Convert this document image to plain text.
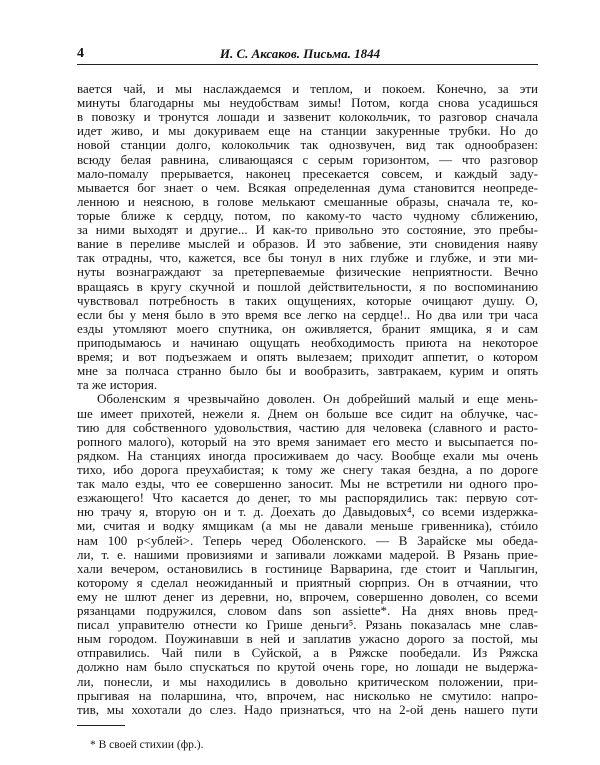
4	И. С. Аксаков. Письма. 1844
вается чай, и мы наслаждаемся и теплом, и покоем. Конечно, за эти
минуты благодарны мы неудобствам зимы! Потом, когда снова усадишься
в повозку и тронутся лошади и зазвенит колокольчик, то разговор сначала
идет живо, и мы докуриваем еще на станции закуренные трубки. Но до
новой станции долго, колокольчик так однозвучен, вид так однообразен:
всюду белая равнина, сливающаяся с серым горизонтом, — что разговор
мало-помалу прерывается, наконец пресекается совсем, и каждый заду-
мывается бог знает о чем. Всякая определенная дума становится неопреде-
ленною и неясною, в голове мелькают смешанные образы, сначала те, ко-
торые ближе к сердцу, потом, по какому-то часто чудному сближению,
за ними выходят и другие... И как-то привольно это состояние, это пребы-
вание в переливе мыслей и образов. И это забвение, эти сновидения наяву
так отрадны, что, кажется, все бы тонул в них глубже и глубже, и эти ми-
нуты вознаграждают за претерпеваемые физические неприятности. Вечно
вращаясь в кругу скучной и пошлой действительности, я по воспоминанию
чувствовал потребность в таких ощущениях, которые очищают душу. О,
если бы у меня было в это время все легко на сердце!.. Но два или три часа
езды утомляют моего спутника, он оживляется, бранит ямщика, я и сам
приподымаюсь и начинаю ощущать необходимость приюта на некоторое
время; и вот подъезжаем и опять вылезаем; приходит аппетит, о котором
мне за полчаса странно было бы и вообразить, завтракаем, курим и опять
та же история.
Оболенским я чрезвычайно доволен. Он добрейший малый и еще мень-
ше имеет прихотей, нежели я. Днем он больше все сидит на облучке, час-
тию для собственного удовольствия, частию для человека (славного и расто-
ропного малого), который на это время занимает его место и высыпается по-
рядком. На станциях иногда просиживаем до часу. Вообще ехали мы очень
тихо, ибо дорога преухабистая; к тому же снегу такая бездна, а по дороге
так мало езды, что ее совершенно заносит. Мы не встретили ни одного про-
езжающего! Что касается до денег, то мы распорядились так: первую сот-
ню трачу я, вторую он и т. д. Доехать до Давыдовых⁴, со всеми издержка-
ми, считая и водку ямщикам (а мы не давали меньше гривенника), стóило
нам 100 р<ублей>. Теперь черед Оболенского. — В Зарайске мы обеда-
ли, т. е. нашими провизиями и запивали ложками мадерой. В Рязань прие-
хали вечером, остановились в гостинице Варварина, где стоит и Чаплыгин,
которому я сделал неожиданный и приятный сюрприз. Он в отчаянии, что
ему не шлют денег из деревни, но, впрочем, совершенно доволен, со всеми
рязанцами подружился, словом dans son assiette*. На днях вновь пред-
писал управителю отнести ко Грише деньги⁵. Рязань показалась мне слав-
ным городом. Поужинавши в ней и заплатив ужасно дорого за постой, мы
отправились. Чай пили в Суйской, а в Ряжске пообедали. Из Ряжска
должно нам было спускаться по крутой очень горе, но лошади не выдержа-
ли, понесли, и мы находились в довольно критическом положении, при-
прыгивая на поларшина, что, впрочем, нас нисколько не смутило: напро-
тив, мы хохотали до слез. Надо признаться, что на 2-ой день нашего пути
* В своей стихии (фр.).
